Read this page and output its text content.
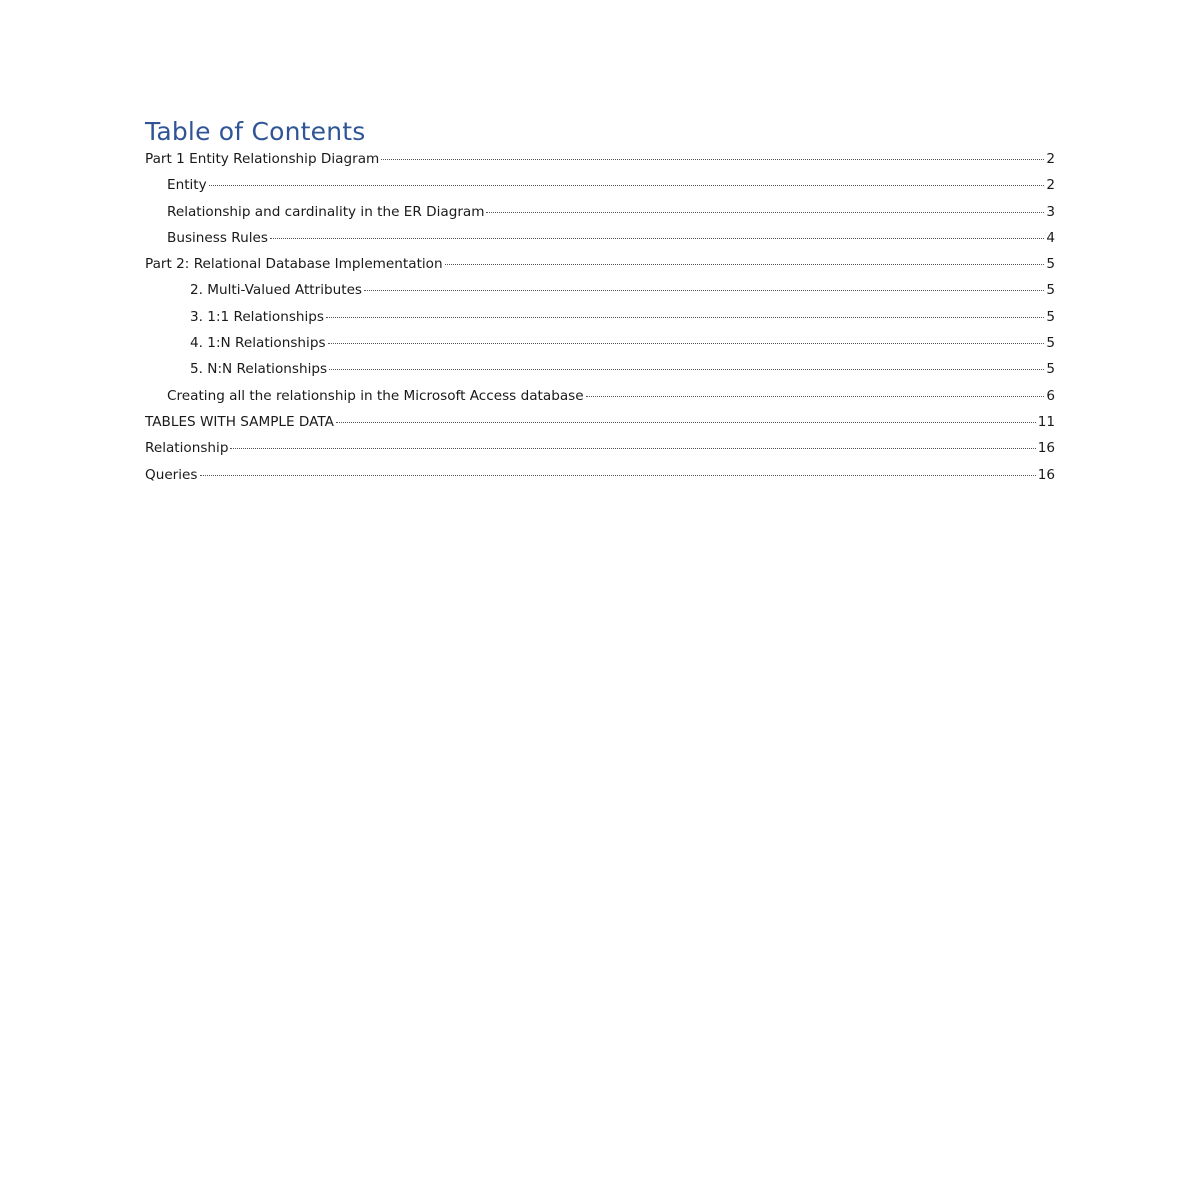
Table of Contents
Part 1 Entity Relationship Diagram	2
Entity	2
Relationship and cardinality in the ER Diagram	3
Business Rules	4
Part 2: Relational Database Implementation	5
2. Multi-Valued Attributes	5
3. 1:1 Relationships	5
4. 1:N Relationships	5
5. N:N Relationships	5
Creating all the relationship in the Microsoft Access database	6
TABLES WITH SAMPLE DATA	11
Relationship	16
Queries	16
